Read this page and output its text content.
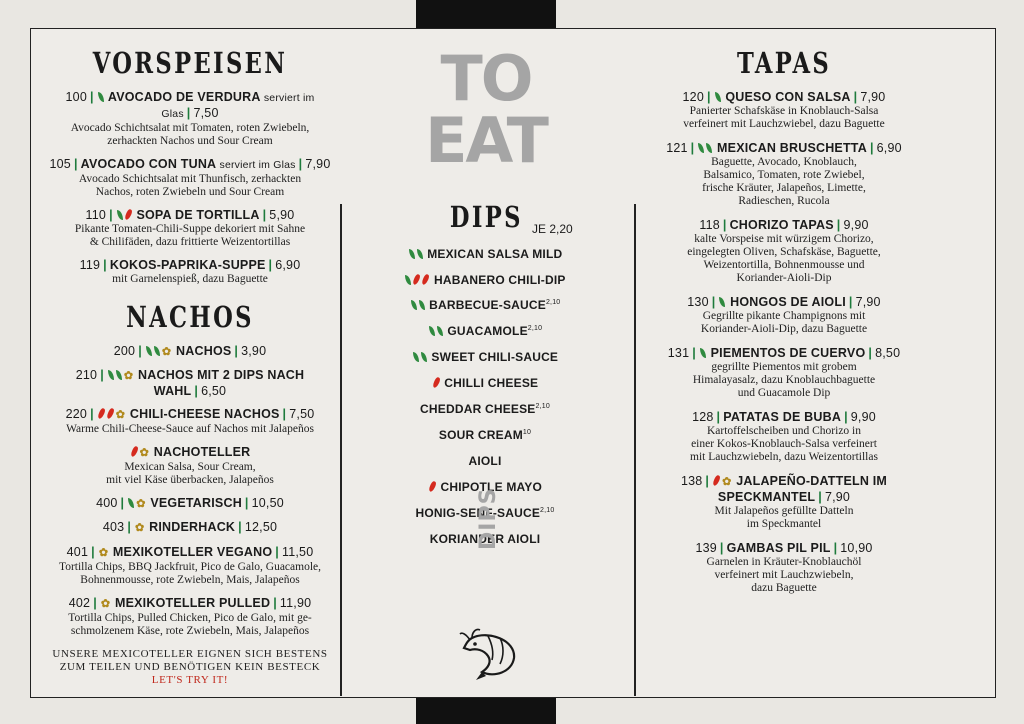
TO
EAT
DIPS JE 2,20
MEXICAN SALSA MILD
HABANERO CHILI-DIP
BARBECUE-SAUCE$^{2,10}$
GUACAMOLE$^{2,10}$
SWEET CHILI-SAUCE
CHILLI CHEESE
CHEDDAR CHEESE$^{2,10}$
SOUR CREAM$^{10}$
AIOLI
CHIPOTLE MAYO
HONIG-SENF-SAUCE$^{2,10}$
KORIANDER AIOLI
DIPS
VORSPEISEN
100 | AVOCADO DE VERDURA serviert im Glas | 7,50
Avocado Schichtsalat mit Tomaten, roten Zwiebeln,
zerhackten Nachos und Sour Cream
105 | AVOCADO CON TUNA serviert im Glas | 7,90
Avocado Schichtsalat mit Thunfisch, zerhackten
Nachos, roten Zwiebeln und Sour Cream
110 | SOPA DE TORTILLA | 5,90
Pikante Tomaten-Chili-Suppe dekoriert mit Sahne
& Chilifäden, dazu frittierte Weizentortillas
119 | KOKOS-PAPRIKA-SUPPE | 6,90
mit Garnelenspieß, dazu Baguette
NACHOS
200 | ✿ NACHOS | 3,90
210 | ✿ NACHOS MIT 2 DIPS NACH WAHL | 6,50
220 | ✿ CHILI-CHEESE NACHOS | 7,50
Warme Chili-Cheese-Sauce auf Nachos mit Jalapeños
✿ NACHOTELLER
Mexican Salsa, Sour Cream,
mit viel Käse überbacken, Jalapeños
400 | ✿ VEGETARISCH | 10,50
403 | ✿ RINDERHACK | 12,50
401 | ✿ MEXIKOTELLER VEGANO | 11,50
Tortilla Chips, BBQ Jackfruit, Pico de Galo, Guacamole,
Bohnenmousse, rote Zwiebeln, Mais, Jalapeños
402 | ✿ MEXIKOTELLER PULLED | 11,90
Tortilla Chips, Pulled Chicken, Pico de Galo, mit ge-
schmolzenem Käse, rote Zwiebeln, Mais, Jalapeños
UNSERE MEXICOTELLER EIGNEN SICH BESTENS
ZUM TEILEN UND BENÖTIGEN KEIN BESTECK
LET'S TRY IT!
TAPAS
120 | QUESO CON SALSA | 7,90
Panierter Schafskäse in Knoblauch-Salsa
verfeinert mit Lauchzwiebel, dazu Baguette
121 | MEXICAN BRUSCHETTA | 6,90
Baguette, Avocado, Knoblauch,
Balsamico, Tomaten, rote Zwiebel,
frische Kräuter, Jalapeños, Limette,
Radieschen, Rucola
118 | CHORIZO TAPAS | 9,90
kalte Vorspeise mit würzigem Chorizo,
eingelegten Oliven, Schafskäse, Baguette,
Weizentortilla, Bohnenmousse und
Koriander-Aioli-Dip
130 | HONGOS DE AIOLI | 7,90
Gegrillte pikante Champignons mit
Koriander-Aioli-Dip, dazu Baguette
131 | PIEMENTOS DE CUERVO | 8,50
gegrillte Piementos mit grobem
Himalayasalz, dazu Knoblauchbaguette
und Guacamole Dip
128 | PATATAS DE BUBA | 9,90
Kartoffelscheiben und Chorizo in
einer Kokos-Knoblauch-Salsa verfeinert
mit Lauchzwiebeln, dazu Weizentortillas
138 | ✿ JALAPEÑO-DATTELN IM SPECKMANTEL | 7,90
Mit Jalapeños gefüllte Datteln
im Speckmantel
139 | GAMBAS PIL PIL | 10,90
Garnelen in Kräuter-Knoblauchöl
verfeinert mit Lauchzwiebeln,
dazu Baguette
